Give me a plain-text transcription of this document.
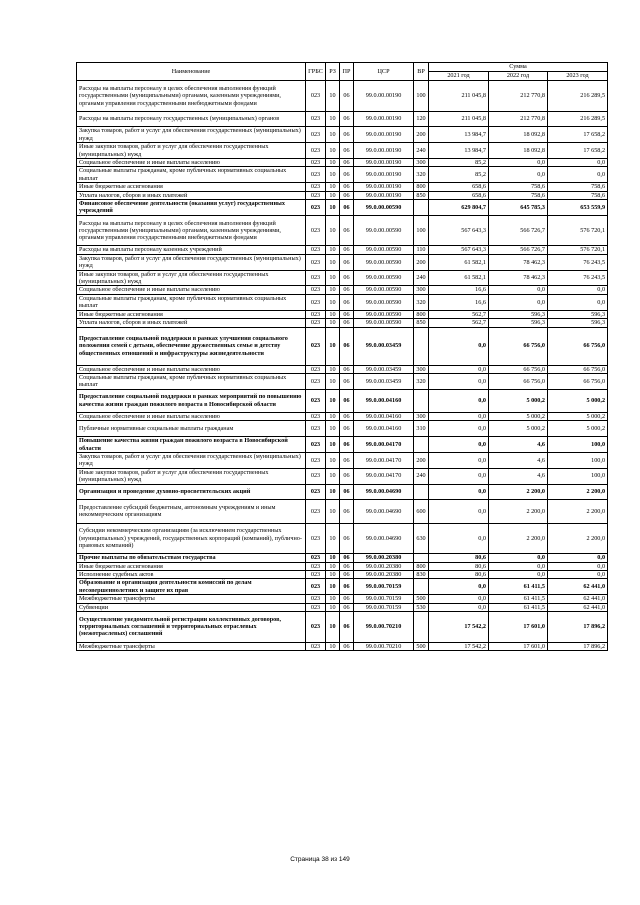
Наименование	ГРБС	РЗ	ПР	ЦСР	ВР	Сумма		
						2021 год	2022 год	2023 год
Расходы на выплаты персоналу в целях обеспечения выполнения функций государственными (муниципальными) органами, казенными учреждениями, органами управления государственными внебюджетными фондами	023	10	06	99.0.00.00190	100	211 045,8	212 770,8	216 289,5
Расходы на выплаты персоналу государственных (муниципальных) органов	023	10	06	99.0.00.00190	120	211 045,8	212 770,8	216 289,5
Закупка товаров, работ и услуг для обеспечения государственных (муниципальных) нужд	023	10	06	99.0.00.00190	200	13 984,7	18 092,8	17 658,2
Иные закупки товаров, работ и услуг для обеспечения государственных (муниципальных) нужд	023	10	06	99.0.00.00190	240	13 984,7	18 092,8	17 658,2
Социальное обеспечение и иные выплаты населению	023	10	06	99.0.00.00190	300	85,2	0,0	0,0
Социальные выплаты гражданам, кроме публичных нормативных социальных выплат	023	10	06	99.0.00.00190	320	85,2	0,0	0,0
Иные бюджетные ассигнования	023	10	06	99.0.00.00190	800	658,6	758,6	758,6
Уплата налогов, сборов и иных платежей	023	10	06	99.0.00.00190	850	658,6	758,6	758,6
Финансовое обеспечение деятельности (оказания услуг) государственных учреждений	023	10	06	99.0.00.00590		629 804,7	645 785,3	653 559,9
Расходы на выплаты персоналу в целях обеспечения выполнения функций государственными (муниципальными) органами, казенными учреждениями, органами управления государственными внебюджетными фондами	023	10	06	99.0.00.00590	100	567 643,3	566 726,7	576 720,1
Расходы на выплаты персоналу казенных учреждений	023	10	06	99.0.00.00590	110	567 643,3	566 726,7	576 720,1
Закупка товаров, работ и услуг для обеспечения государственных (муниципальных) нужд	023	10	06	99.0.00.00590	200	61 582,1	78 462,3	76 243,5
Иные закупки товаров, работ и услуг для обеспечения государственных (муниципальных) нужд	023	10	06	99.0.00.00590	240	61 582,1	78 462,3	76 243,5
Социальное обеспечение и иные выплаты населению	023	10	06	99.0.00.00590	300	16,6	0,0	0,0
Социальные выплаты гражданам, кроме публичных нормативных социальных выплат	023	10	06	99.0.00.00590	320	16,6	0,0	0,0
Иные бюджетные ассигнования	023	10	06	99.0.00.00590	800	562,7	596,3	596,3
Уплата налогов, сборов и иных платежей	023	10	06	99.0.00.00590	850	562,7	596,3	596,3
Предоставление социальной поддержки в рамках улучшения социального положения семей с детьми, обеспечение дружественных семье и детству общественных отношений и инфраструктуры жизнедеятельности	023	10	06	99.0.00.03459		0,0	66 756,0	66 756,0
Социальное обеспечение и иные выплаты населению	023	10	06	99.0.00.03459	300	0,0	66 756,0	66 756,0
Социальные выплаты гражданам, кроме публичных нормативных социальных выплат	023	10	06	99.0.00.03459	320	0,0	66 756,0	66 756,0
Предоставление социальной поддержки в рамках мероприятий по повышению качества жизни граждан пожилого возраста в Новосибирской области	023	10	06	99.0.00.04160		0,0	5 000,2	5 000,2
Социальное обеспечение и иные выплаты населению	023	10	06	99.0.00.04160	300	0,0	5 000,2	5 000,2
Публичные нормативные социальные выплаты гражданам	023	10	06	99.0.00.04160	310	0,0	5 000,2	5 000,2
Повышение качества жизни граждан пожилого возраста в Новосибирской области	023	10	06	99.0.00.04170		0,0	4,6	100,0
Закупка товаров, работ и услуг для обеспечения государственных (муниципальных) нужд	023	10	06	99.0.00.04170	200	0,0	4,6	100,0
Иные закупки товаров, работ и услуг для обеспечения государственных (муниципальных) нужд	023	10	06	99.0.00.04170	240	0,0	4,6	100,0
Организация и проведение духовно-просветительских акций	023	10	06	99.0.00.04690		0,0	2 200,0	2 200,0
Предоставление субсидий бюджетным, автономным учреждениям и иным некоммерческим организациям	023	10	06	99.0.00.04690	600	0,0	2 200,0	2 200,0
Субсидии некоммерческим организациям (за исключением государственных (муниципальных) учреждений, государственных корпораций (компаний), публично-правовых компаний)	023	10	06	99.0.00.04690	630	0,0	2 200,0	2 200,0
Прочие выплаты по обязательствам государства	023	10	06	99.0.00.20380		80,6	0,0	0,0
Иные бюджетные ассигнования	023	10	06	99.0.00.20380	800	80,6	0,0	0,0
Исполнение судебных актов	023	10	06	99.0.00.20380	830	80,6	0,0	0,0
Образование и организация деятельности комиссий по делам несовершеннолетних и защите их прав	023	10	06	99.0.00.70159		0,0	61 411,5	62 441,0
Межбюджетные трансферты	023	10	06	99.0.00.70159	500	0,0	61 411,5	62 441,0
Субвенции	023	10	06	99.0.00.70159	530	0,0	61 411,5	62 441,0
Осуществление уведомительной регистрации коллективных договоров, территориальных соглашений и территориальных отраслевых (межотраслевых) соглашений	023	10	06	99.0.00.70210		17 542,2	17 601,0	17 896,2
Межбюджетные трансферты	023	10	06	99.0.00.70210	500	17 542,2	17 601,0	17 896,2
Страница 38 из 149
